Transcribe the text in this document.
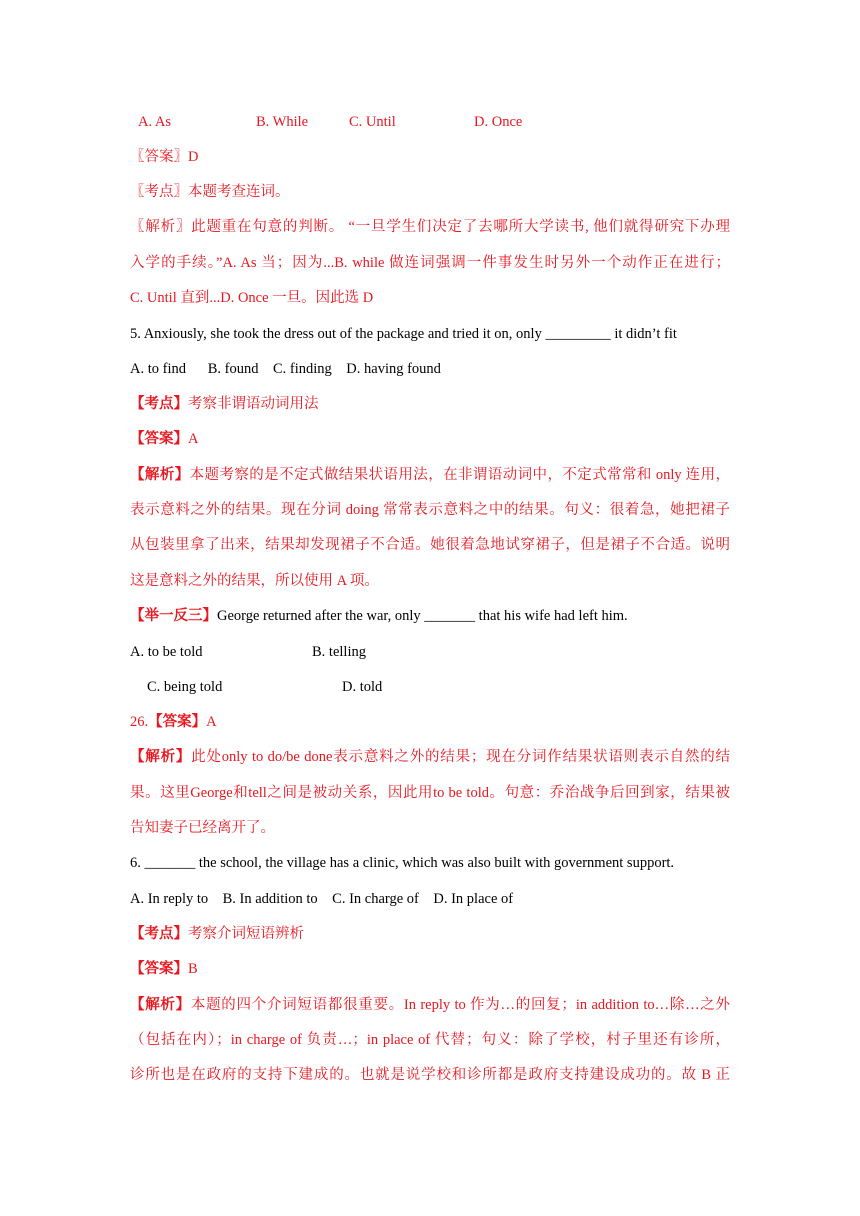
A. As	B. While	C. Until	D. Once
〖答案〗D
〖考点〗本题考查连词。
〖解析〗此题重在句意的判断。 “一旦学生们决定了去哪所大学读书, 他们就得研究下办理
入学的手续。”A. As 当；因为...B. while 做连词强调一件事发生时另外一个动作正在进行；
C. Until 直到...D. Once 一旦。因此选 D
5. Anxiously, she took the dress out of the package and tried it on, only _________ it didn’t fit
A. to find      B. found    C. finding    D. having found
【考点】考察非谓语动词用法
【答案】A
【解析】本题考察的是不定式做结果状语用法，在非谓语动词中，不定式常常和 only 连用，
表示意料之外的结果。现在分词 doing 常常表示意料之中的结果。句义：很着急，她把裙子
从包装里拿了出来，结果却发现裙子不合适。她很着急地试穿裙子，但是裙子不合适。说明
这是意料之外的结果，所以使用 A 项。
【举一反三】George returned after the war, only _______ that his wife had left him.
A. to be told	B. telling
C. being told	D. told
26.【答案】A
【解析】此处only to do/be done表示意料之外的结果；现在分词作结果状语则表示自然的结
果。这里George和tell之间是被动关系，因此用to be told。句意：乔治战争后回到家，结果被
告知妻子已经离开了。
6. _______ the school, the village has a clinic, which was also built with government support.
A. In reply to    B. In addition to    C. In charge of    D. In place of
【考点】考察介词短语辨析
【答案】B
【解析】本题的四个介词短语都很重要。In reply to 作为…的回复；in addition to…除…之外
（包括在内）；in charge of 负责…；in place of 代替；句义：除了学校，村子里还有诊所，
诊所也是在政府的支持下建成的。也就是说学校和诊所都是政府支持建设成功的。故 B 正
